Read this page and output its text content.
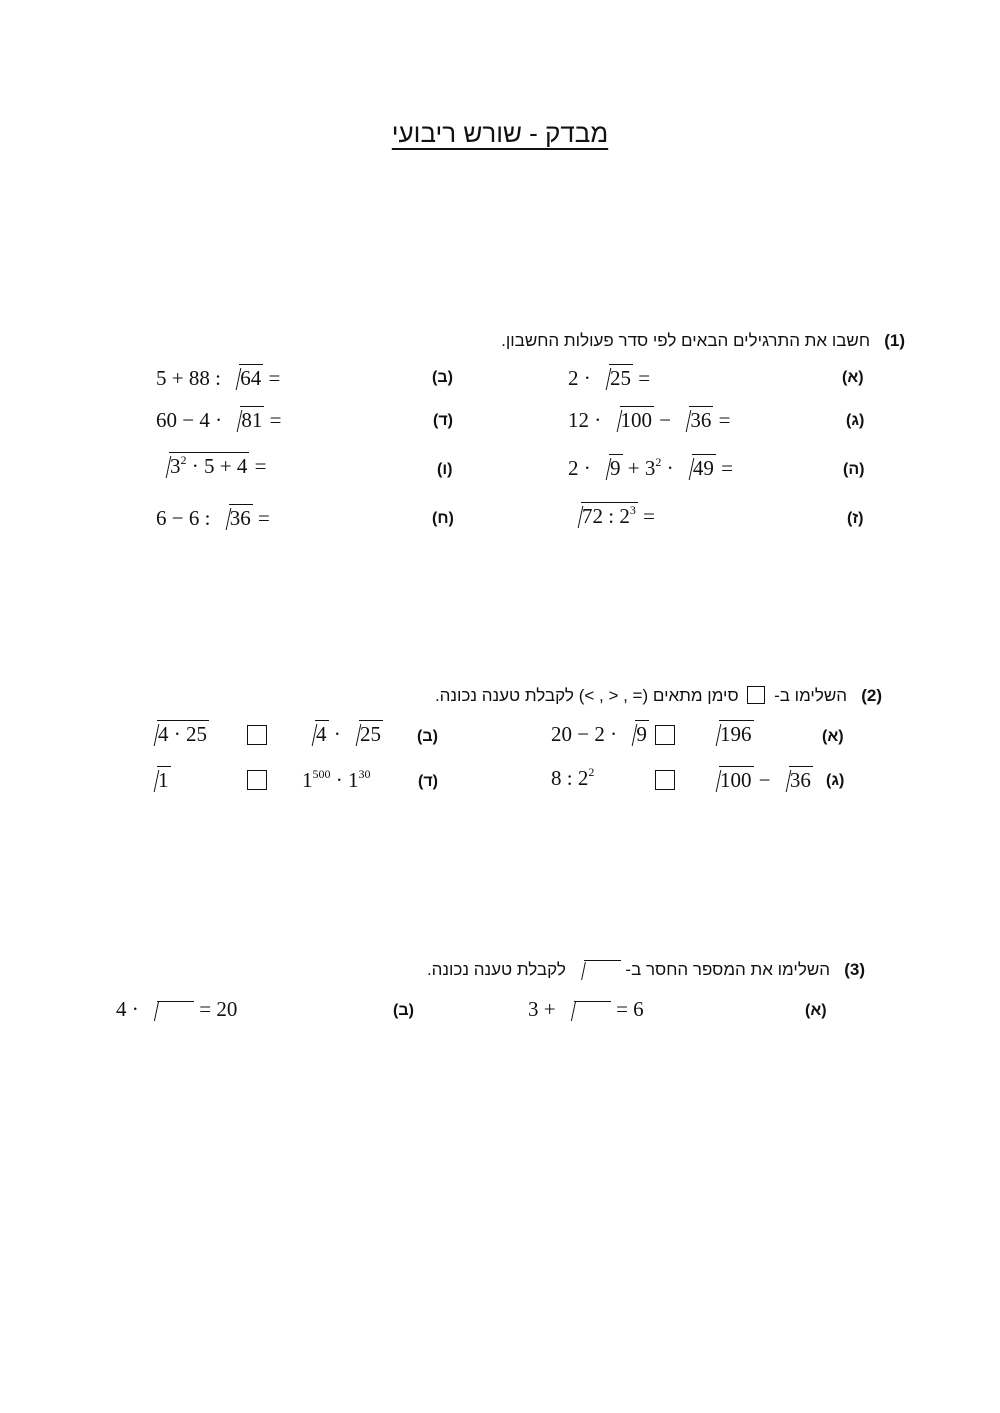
מבדק - שורש ריבועי
(1)   חשבו את התרגילים הבאים לפי סדר פעולות החשבון.
(א)
2 · 25 =
(ב)
5 + 88 : 64 =
(ג)
12 · 100 − 36 =
(ד)
60 − 4 · 81 =
(ה)
$2 \cdot 9 + 3^2 \cdot 49$ =
(ו)
$3^2 \cdot 5 + 4$ =
(ז)
72 : $2^3$ =
(ח)
6 − 6 : 36 =
(2)   השלימו ב-  סימן מתאים (< , > , =) לקבלת טענה נכונה.
(א)
196
20 − 2 · 9
(ב)
4 · 25
4 · 25
(ג)
100 − 36
8 : $2^2$
(ד)
$1^{500} \cdot 1^{30}$
1
(3)   השלימו את המספר החסר ב-  לקבלת טענה נכונה.
(א)
3 +  = 6
(ב)
4 ·  = 20
